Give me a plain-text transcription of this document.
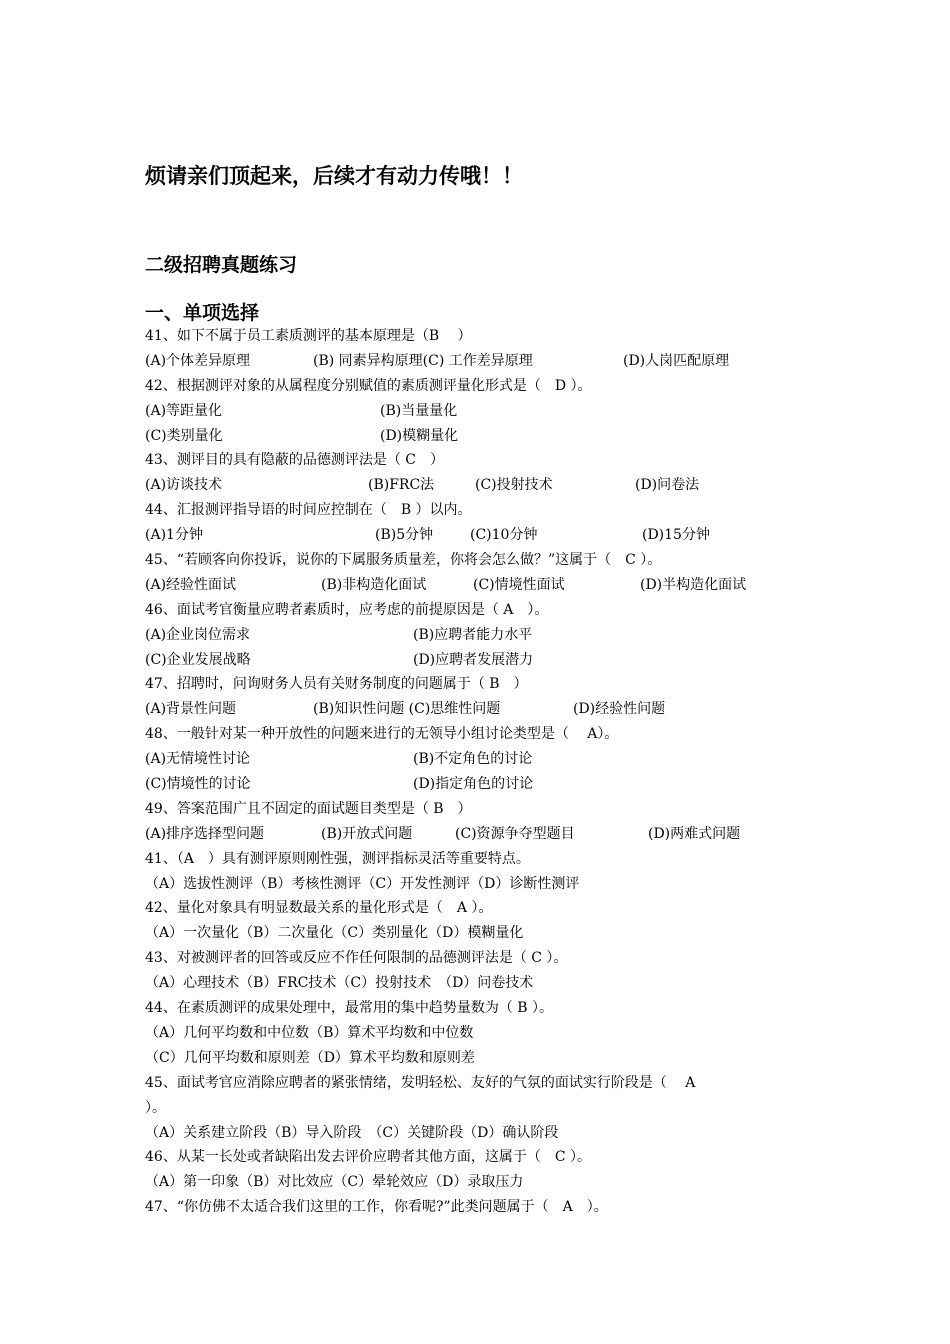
烦请亲们顶起来，后续才有动力传哦！！
二级招聘真题练习
一、单项选择
41、如下不属于员工素质测评的基本原理是（B　 ）
(A)个体差异原理	(B) 同素异构原理(C) 工作差异原理	(D)人岗匹配原理
42、根据测评对象的从属程度分别赋值的素质测评量化形式是（　D ）。
(A)等距量化	(B)当量量化
(C)类别量化	(D)模糊量化
43、测评目的具有隐蔽的品德测评法是（ C　）
(A)访谈技术	(B)FRC法	(C)投射技术	(D)问卷法
44、汇报测评指导语的时间应控制在（　B ）以内。
(A)1分钟	(B)5分钟	(C)10分钟	(D)15分钟
45、“若顾客向你投诉，说你的下属服务质量差，你将会怎么做？”这属于（　C ）。
(A)经验性面试	(B)非构造化面试	(C)情境性面试	(D)半构造化面试
46、面试考官衡量应聘者素质时，应考虑的前提原因是（ A　）。
(A)企业岗位需求	(B)应聘者能力水平
(C)企业发展战略	(D)应聘者发展潜力
47、招聘时，问询财务人员有关财务制度的问题属于（ B　）
(A)背景性问题	(B)知识性问题 (C)思维性问题	(D)经验性问题
48、一般针对某一种开放性的问题来进行的无领导小组讨论类型是（　 A）。
(A)无情境性讨论	(B)不定角色的讨论
(C)情境性的讨论	(D)指定角色的讨论
49、答案范围广且不固定的面试题目类型是（ B　）
(A)排序选择型问题	(B)开放式问题	(C)资源争夺型题目	(D)两难式问题
41、（A　）具有测评原则刚性强，测评指标灵活等重要特点。
（A）选拔性测评（B）考核性测评（C）开发性测评（D）诊断性测评
42、量化对象具有明显数最关系的量化形式是（　A ）。
（A）一次量化（B）二次量化（C）类别量化（D）模糊量化
43、对被测评者的回答或反应不作任何限制的品德测评法是（ C ）。
（A）心理技术（B）FRC技术（C）投射技术　（D）问卷技术
44、在素质测评的成果处理中，最常用的集中趋势量数为（ B ）。
（A）几何平均数和中位数（B）算术平均数和中位数
（C）几何平均数和原则差（D）算术平均数和原则差
45、面试考官应消除应聘者的紧张情绪，发明轻松、友好的气氛的面试实行阶段是（　 A
）。
（A）关系建立阶段（B）导入阶段　（C）关键阶段（D）确认阶段
46、从某一长处或者缺陷出发去评价应聘者其他方面，这属于（　C ）。
（A）第一印象（B）对比效应（C）晕轮效应（D）录取压力
47、“你仿佛不太适合我们这里的工作，你看呢?”此类问题属于（　A　）。
